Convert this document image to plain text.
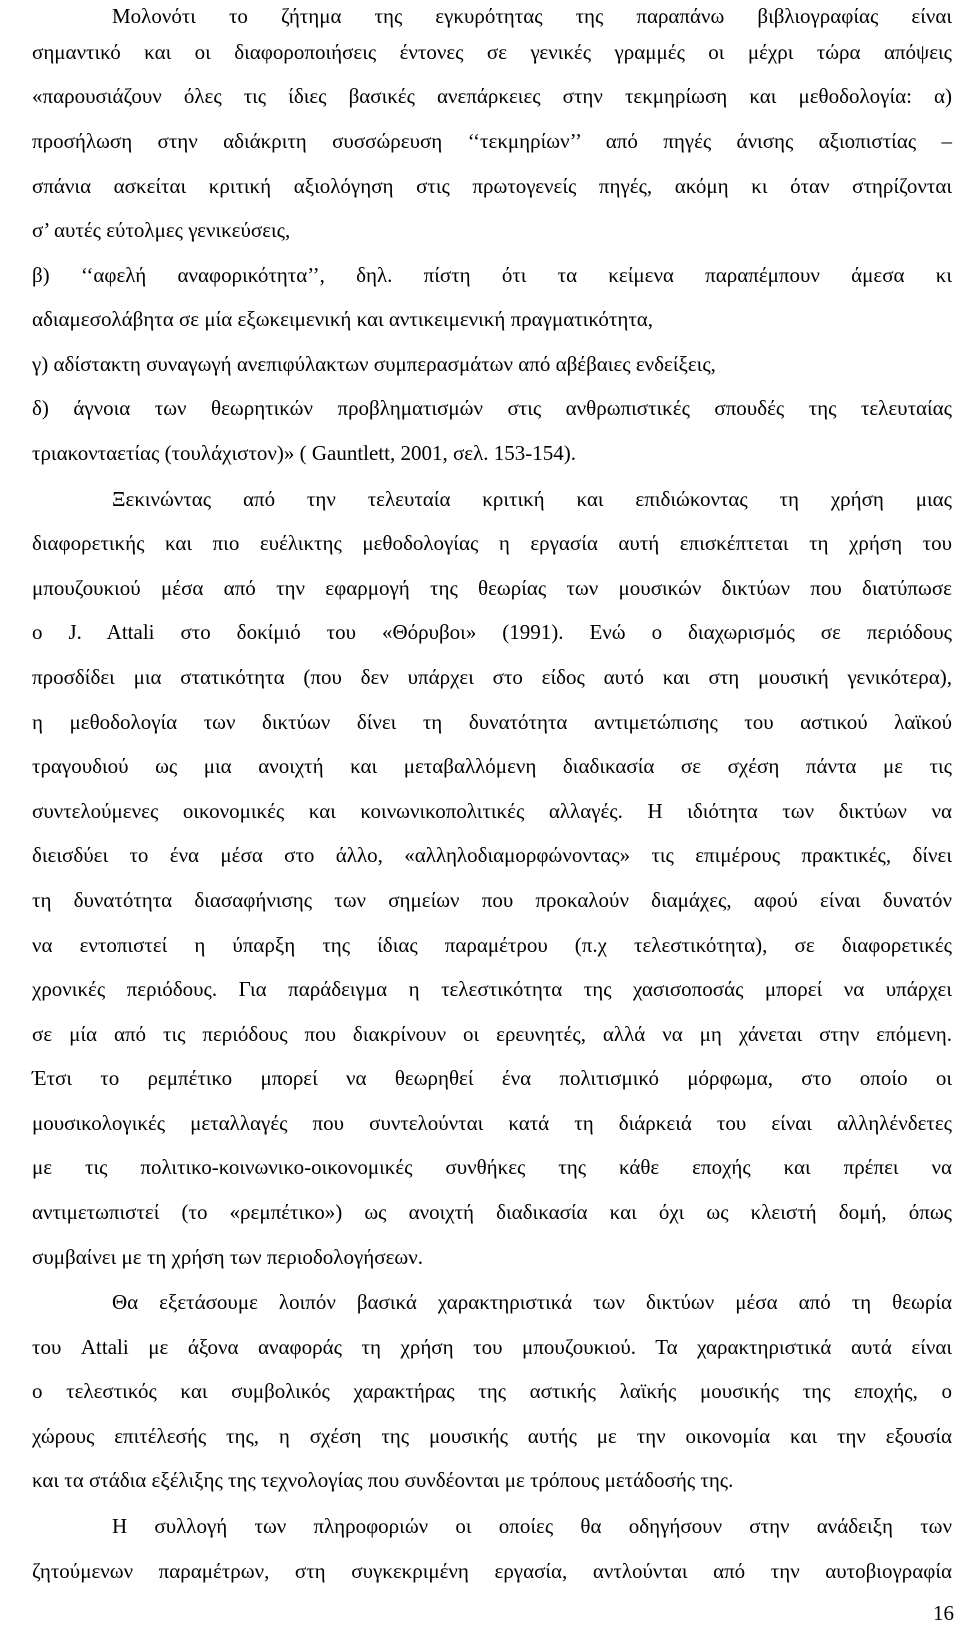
Μολονότι το ζήτημα της εγκυρότητας της παραπάνω βιβλιογραφίας είναι
σημαντικό και οι διαφοροποιήσεις έντονες σε γενικές γραμμές οι μέχρι τώρα απόψεις
«παρουσιάζουν όλες τις ίδιες βασικές ανεπάρκειες στην τεκμηρίωση και μεθοδολογία: α)
προσήλωση στην αδιάκριτη συσσώρευση ‘‘τεκμηρίων’’ από πηγές άνισης αξιοπιστίας –
σπάνια ασκείται κριτική αξιολόγηση στις πρωτογενείς πηγές, ακόμη κι όταν στηρίζονται
σ’ αυτές εύτολμες γενικεύσεις,
β) ‘‘αφελή αναφορικότητα’’, δηλ. πίστη ότι τα κείμενα παραπέμπουν άμεσα κι
αδιαμεσολάβητα σε μία εξωκειμενική και αντικειμενική πραγματικότητα,
γ) αδίστακτη συναγωγή ανεπιφύλακτων συμπερασμάτων από αβέβαιες ενδείξεις,
δ) άγνοια των θεωρητικών προβληματισμών στις ανθρωπιστικές σπουδές της τελευταίας
τριακονταετίας (τουλάχιστον)» ( Gauntlett, 2001, σελ. 153-154).
Ξεκινώντας από την τελευταία κριτική και επιδιώκοντας τη χρήση μιας
διαφορετικής και πιο ευέλικτης μεθοδολογίας η εργασία αυτή επισκέπτεται τη χρήση του
μπουζουκιού μέσα από την εφαρμογή της θεωρίας των μουσικών δικτύων που διατύπωσε
ο J. Attali στο δοκίμιό του «Θόρυβοι» (1991). Ενώ ο διαχωρισμός σε περιόδους
προσδίδει μια στατικότητα (που δεν υπάρχει στο είδος αυτό και στη μουσική γενικότερα),
η μεθοδολογία των δικτύων δίνει τη δυνατότητα αντιμετώπισης του αστικού λαϊκού
τραγουδιού ως μια ανοιχτή και μεταβαλλόμενη διαδικασία σε σχέση πάντα με τις
συντελούμενες οικονομικές και κοινωνικοπολιτικές αλλαγές. Η ιδιότητα των δικτύων να
διεισδύει το ένα μέσα στο άλλο, «αλληλοδιαμορφώνοντας» τις επιμέρους πρακτικές, δίνει
τη δυνατότητα διασαφήνισης των σημείων που προκαλούν διαμάχες, αφού είναι δυνατόν
να εντοπιστεί η ύπαρξη της ίδιας παραμέτρου (π.χ τελεστικότητα), σε διαφορετικές
χρονικές περιόδους. Για παράδειγμα η τελεστικότητα της χασισοποσάς μπορεί να υπάρχει
σε μία από τις περιόδους που διακρίνουν οι ερευνητές, αλλά να μη χάνεται στην επόμενη.
Έτσι το ρεμπέτικο μπορεί να θεωρηθεί ένα πολιτισμικό μόρφωμα, στο οποίο οι
μουσικολογικές μεταλλαγές που συντελούνται κατά τη διάρκειά του είναι αλληλένδετες
με τις πολιτικο-κοινωνικο-οικονομικές συνθήκες της κάθε εποχής και πρέπει να
αντιμετωπιστεί (το «ρεμπέτικο») ως ανοιχτή διαδικασία και όχι ως κλειστή δομή, όπως
συμβαίνει με τη χρήση των περιοδολογήσεων.
Θα εξετάσουμε λοιπόν βασικά χαρακτηριστικά των δικτύων μέσα από τη θεωρία
του Attali με άξονα αναφοράς τη χρήση του μπουζουκιού. Τα χαρακτηριστικά αυτά είναι
ο τελεστικός και συμβολικός χαρακτήρας της αστικής λαϊκής μουσικής της εποχής, ο
χώρους επιτέλεσής της, η σχέση της μουσικής αυτής με την οικονομία και την εξουσία
και τα στάδια εξέλιξης της τεχνολογίας που συνδέονται με τρόπους μετάδοσής της.
Η συλλογή των πληροφοριών οι οποίες θα οδηγήσουν στην ανάδειξη των
ζητούμενων παραμέτρων, στη συγκεκριμένη εργασία, αντλούνται από την αυτοβιογραφία
16
